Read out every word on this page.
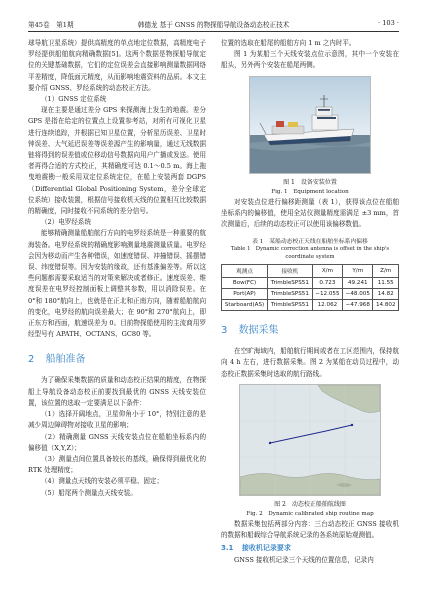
第45卷　第1期	韩德龙 基于 GNSS 的物探船导航设备动态校正技术	· 103 ·

球导航卫星系统）提供高精度的单点地定位数据，高精度电子罗经提供船舶航向精确数据[5]。这两个数据是物探船导航定位的关键基础数据，它们的定位误差会直接影响测量数据网络平差精度，降低面元精度，从而影响地震资料的品质。本文主要介绍 GNSS、罗经系统的动态校正方法。

（1）GNSS 定位系统

现在主要是通过差分 GPS 来探测海上发生的地震。差分 GPS 是指在给定的位置点上设置参考站，对所有可视化卫星进行连续追踪，并根据已知卫星位置，分析星历误差、卫星时钟误差、大气延迟误差等误差源产生的影响量，通过无线数据链将得到的误差值或位移动信号数据向用户广播或发送。使用者再得合适的方式校正，其精确度可达 0.1～0.5 m。海上拖曳地震勘一般采用双定位系统定位，在船上安装两套 DGPS（Differential Global Positioning System，差分全球定位系统）接收装置，根据信号接收机天线的位置相互比较数据的精确度，同时接收不同系统的差分信号。

（2）电罗经系统

能够精确测量船舶航行方向的电罗经系统是一种重要的航海装备。电罗经系统的精确度影响测量地震测量质量。电罗经会因为移动而产生各种错误，如速度错误、冲撞错误、摇摆错误、纬度错误等。因为安装的缘故，还有基准偏差等。所以这些问题都需要采取适当的对策来解决或者修正。速度误差、维度误差在电罗经控制面板上调整其参数，用以消除误差。在 0°和 180°航向上，也就是在正北和正南方向，随着船舶航向的变化，电罗经的航向误差最大；在 90°和 270°航向上，即正东方和西面，航速误差为 0。目前物探船使用的主流商用罗经型号有 APATH、OCTANS、GC80 等。

2 船舶准备

为了确保采集数据的质量和动态校正结果的精度，在物探船上导航设备动态校正前要找到最优的 GNSS 天线安装位置，该位置的选取一定要满足以下条件：

（1）选择开阔地点，卫星仰角小于 10°，特别注意的是减少周边障碍物对接收卫星的影响；

（2）精确测量 GNSS 天线安装点位在船舶坐标系内的偏移值（X,Y,Z）；

（3）测量点间位置具备较长的基线，确保得到最优化的 RTK 处理精度；

（4）测量点天线的安装必须平稳、固定；

（5）船尾两个测量点天线安装。

位置的选取在船尾的船舶方向 1 m 之内时平。

图 1 为某船三个天线安装点位示意图，其中一个安装在船头，另外两个安装在船尾两侧。

图 1　设备安装位置
Fig. 1　Equipment location

对安装点位进行偏移距测量（表 1），获得该点位在船舶坐标系内的偏移值，使用全站仪测量精度需满足 ±3 mm，首次测量后，后续的动态校正可以使用该偏移数值。

表 1　某船动态校正天线在船舶坐标系内偏移
Table 1　Dynamic correction antenna is offset in the ship's coordinate system
观测点	接收机	X/m	Y/m	Z/m
Bow(FC)	TrimbleSPS51	0.723	49.241	11.55
Port(AP)	TrimbleSPS51	−12.055	−48.005	14.82
Starboard(AS)	TrimbleSPS51	12.062	−47.968	14.802
3 数据采集

在空旷海域内，船舶航行期间或者在工区范围内，保持航向 4 h 左右，进行数据采集。图 2 为某船在动员过程中，动态校正数据采集时选取的航行路线。

图 2　动态校正船舶航线图
Fig. 2　Dynamic calibrated ship routine map

数据采集包括两部分内容：三台动态校正 GNSS 接收机的数据和船载综合导航系统记录的各系统原始观测值。

3.1 接收机记录要求

GNSS 接收机记录三个天线的位置信息，记录内
